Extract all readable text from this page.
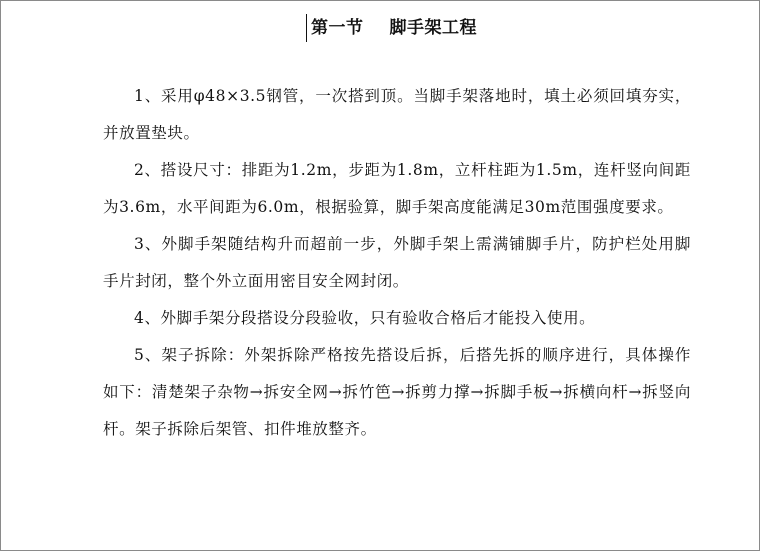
第一节 脚手架工程

1、采用φ48×3.5钢管，一次搭到顶。当脚手架落地时，填土必须回填夯实，并放置垫块。

2、搭设尺寸：排距为1.2m，步距为1.8m，立杆柱距为1.5m，连杆竖向间距为3.6m，水平间距为6.0m，根据验算，脚手架高度能满足30m范围强度要求。

3、外脚手架随结构升而超前一步，外脚手架上需满铺脚手片，防护栏处用脚手片封闭，整个外立面用密目安全网封闭。

4、外脚手架分段搭设分段验收，只有验收合格后才能投入使用。

5、架子拆除：外架拆除严格按先搭设后拆，后搭先拆的顺序进行，具体操作如下：清楚架子杂物→拆安全网→拆竹笆→拆剪力撑→拆脚手板→拆横向杆→拆竖向杆。架子拆除后架管、扣件堆放整齐。
